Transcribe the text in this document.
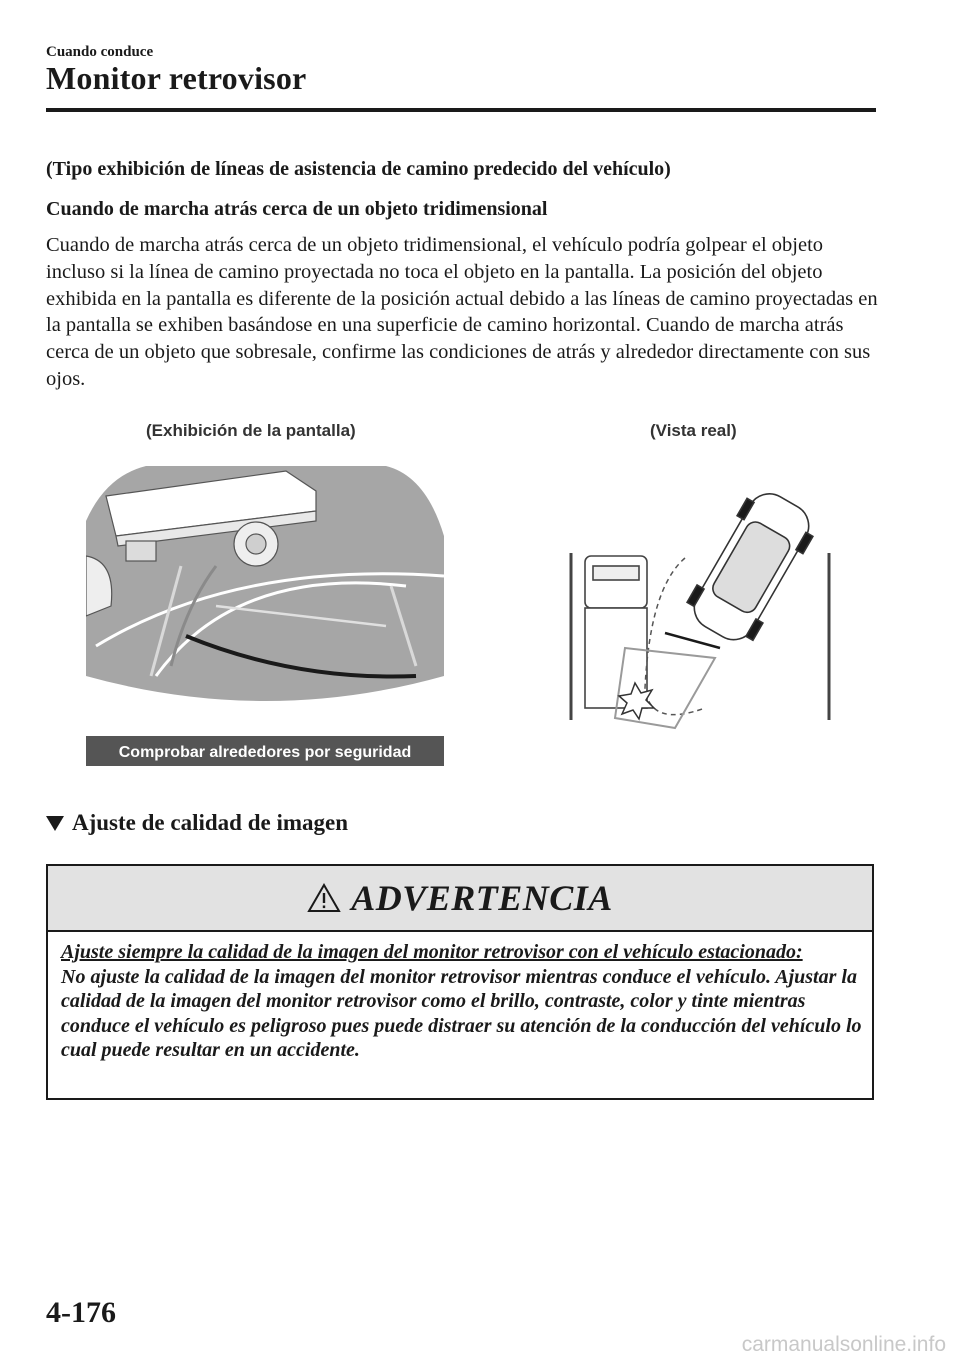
Cuando conduce
Monitor retrovisor
(Tipo exhibición de líneas de asistencia de camino predecido del vehículo)
Cuando de marcha atrás cerca de un objeto tridimensional
Cuando de marcha atrás cerca de un objeto tridimensional, el vehículo podría golpear el objeto incluso si la línea de camino proyectada no toca el objeto en la pantalla. La posición del objeto exhibida en la pantalla es diferente de la posición actual debido a las líneas de camino proyectadas en la pantalla se exhiben basándose en una superficie de camino horizontal. Cuando de marcha atrás cerca de un objeto que sobresale, confirme las condiciones de atrás y alrededor directamente con sus ojos.
(Exhibición de la pantalla)	(Vista real)
Comprobar alrededores por seguridad
Ajuste de calidad de imagen
ADVERTENCIA
Ajuste siempre la calidad de la imagen del monitor retrovisor con el vehículo estacionado:
No ajuste la calidad de la imagen del monitor retrovisor mientras conduce el vehículo. Ajustar la calidad de la imagen del monitor retrovisor como el brillo, contraste, color y tinte mientras conduce el vehículo es peligroso pues puede distraer su atención de la conducción del vehículo lo cual puede resultar en un accidente.
4-176
carmanualsonline.info
